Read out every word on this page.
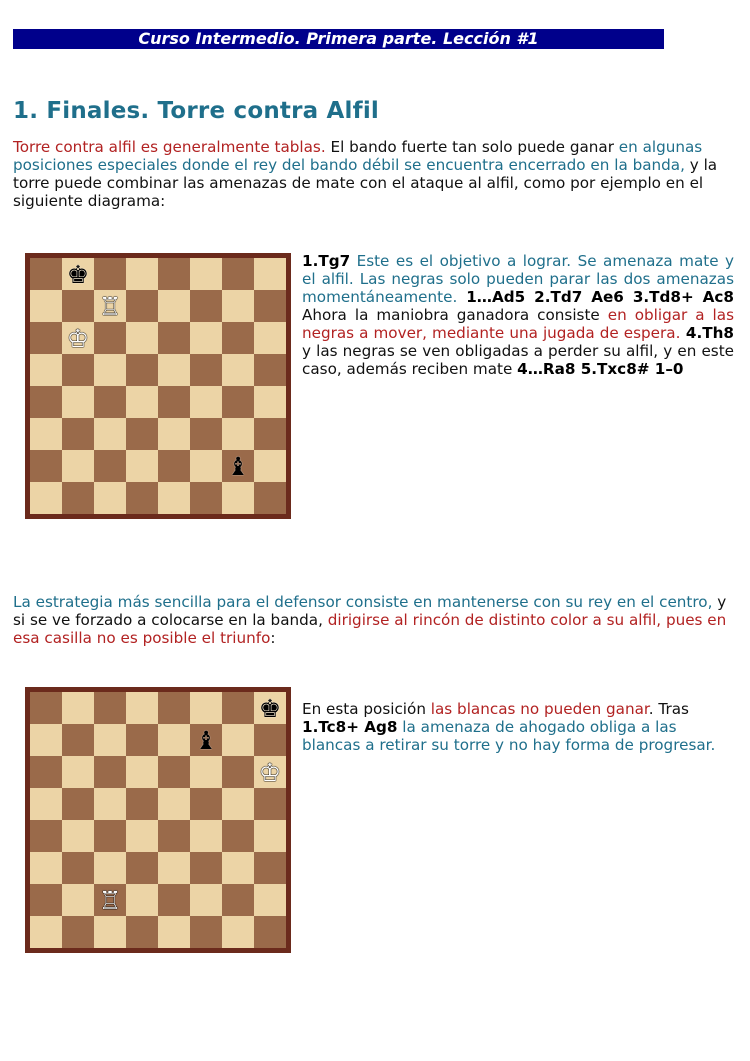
Curso Intermedio. Primera parte. Lección #1
1. Finales. Torre contra Alfil

Torre contra alfil es generalmente tablas. El bando fuerte tan solo puede ganar en algunas posiciones especiales donde el rey del bando débil se encuentra encerrado en la banda, y la torre puede combinar las amenazas de mate con el ataque al alfil, como por ejemplo en el siguiente diagrama:

♚
♖
♔
♝

1.Tg7 Este es el objetivo a lograr. Se amenaza mate y el alfil. Las negras solo pueden parar las dos amenazas momentáneamente. 1…Ad5 2.Td7 Ae6 3.Td8+ Ac8 Ahora la maniobra ganadora consiste en obligar a las negras a mover, mediante una jugada de espera. 4.Th8 y las negras se ven obligadas a perder su alfil, y en este caso, además reciben mate 4…Ra8 5.Txc8# 1–0

La estrategia más sencilla para el defensor consiste en mantenerse con su rey en el centro, y si se ve forzado a colocarse en la banda, dirigirse al rincón de distinto color a su alfil, pues en esa casilla no es posible el triunfo:

♚
♝
♔
♖

En esta posición las blancas no pueden ganar. Tras
1.Tc8+ Ag8 la amenaza de ahogado obliga a las blancas a retirar su torre y no hay forma de progresar.
